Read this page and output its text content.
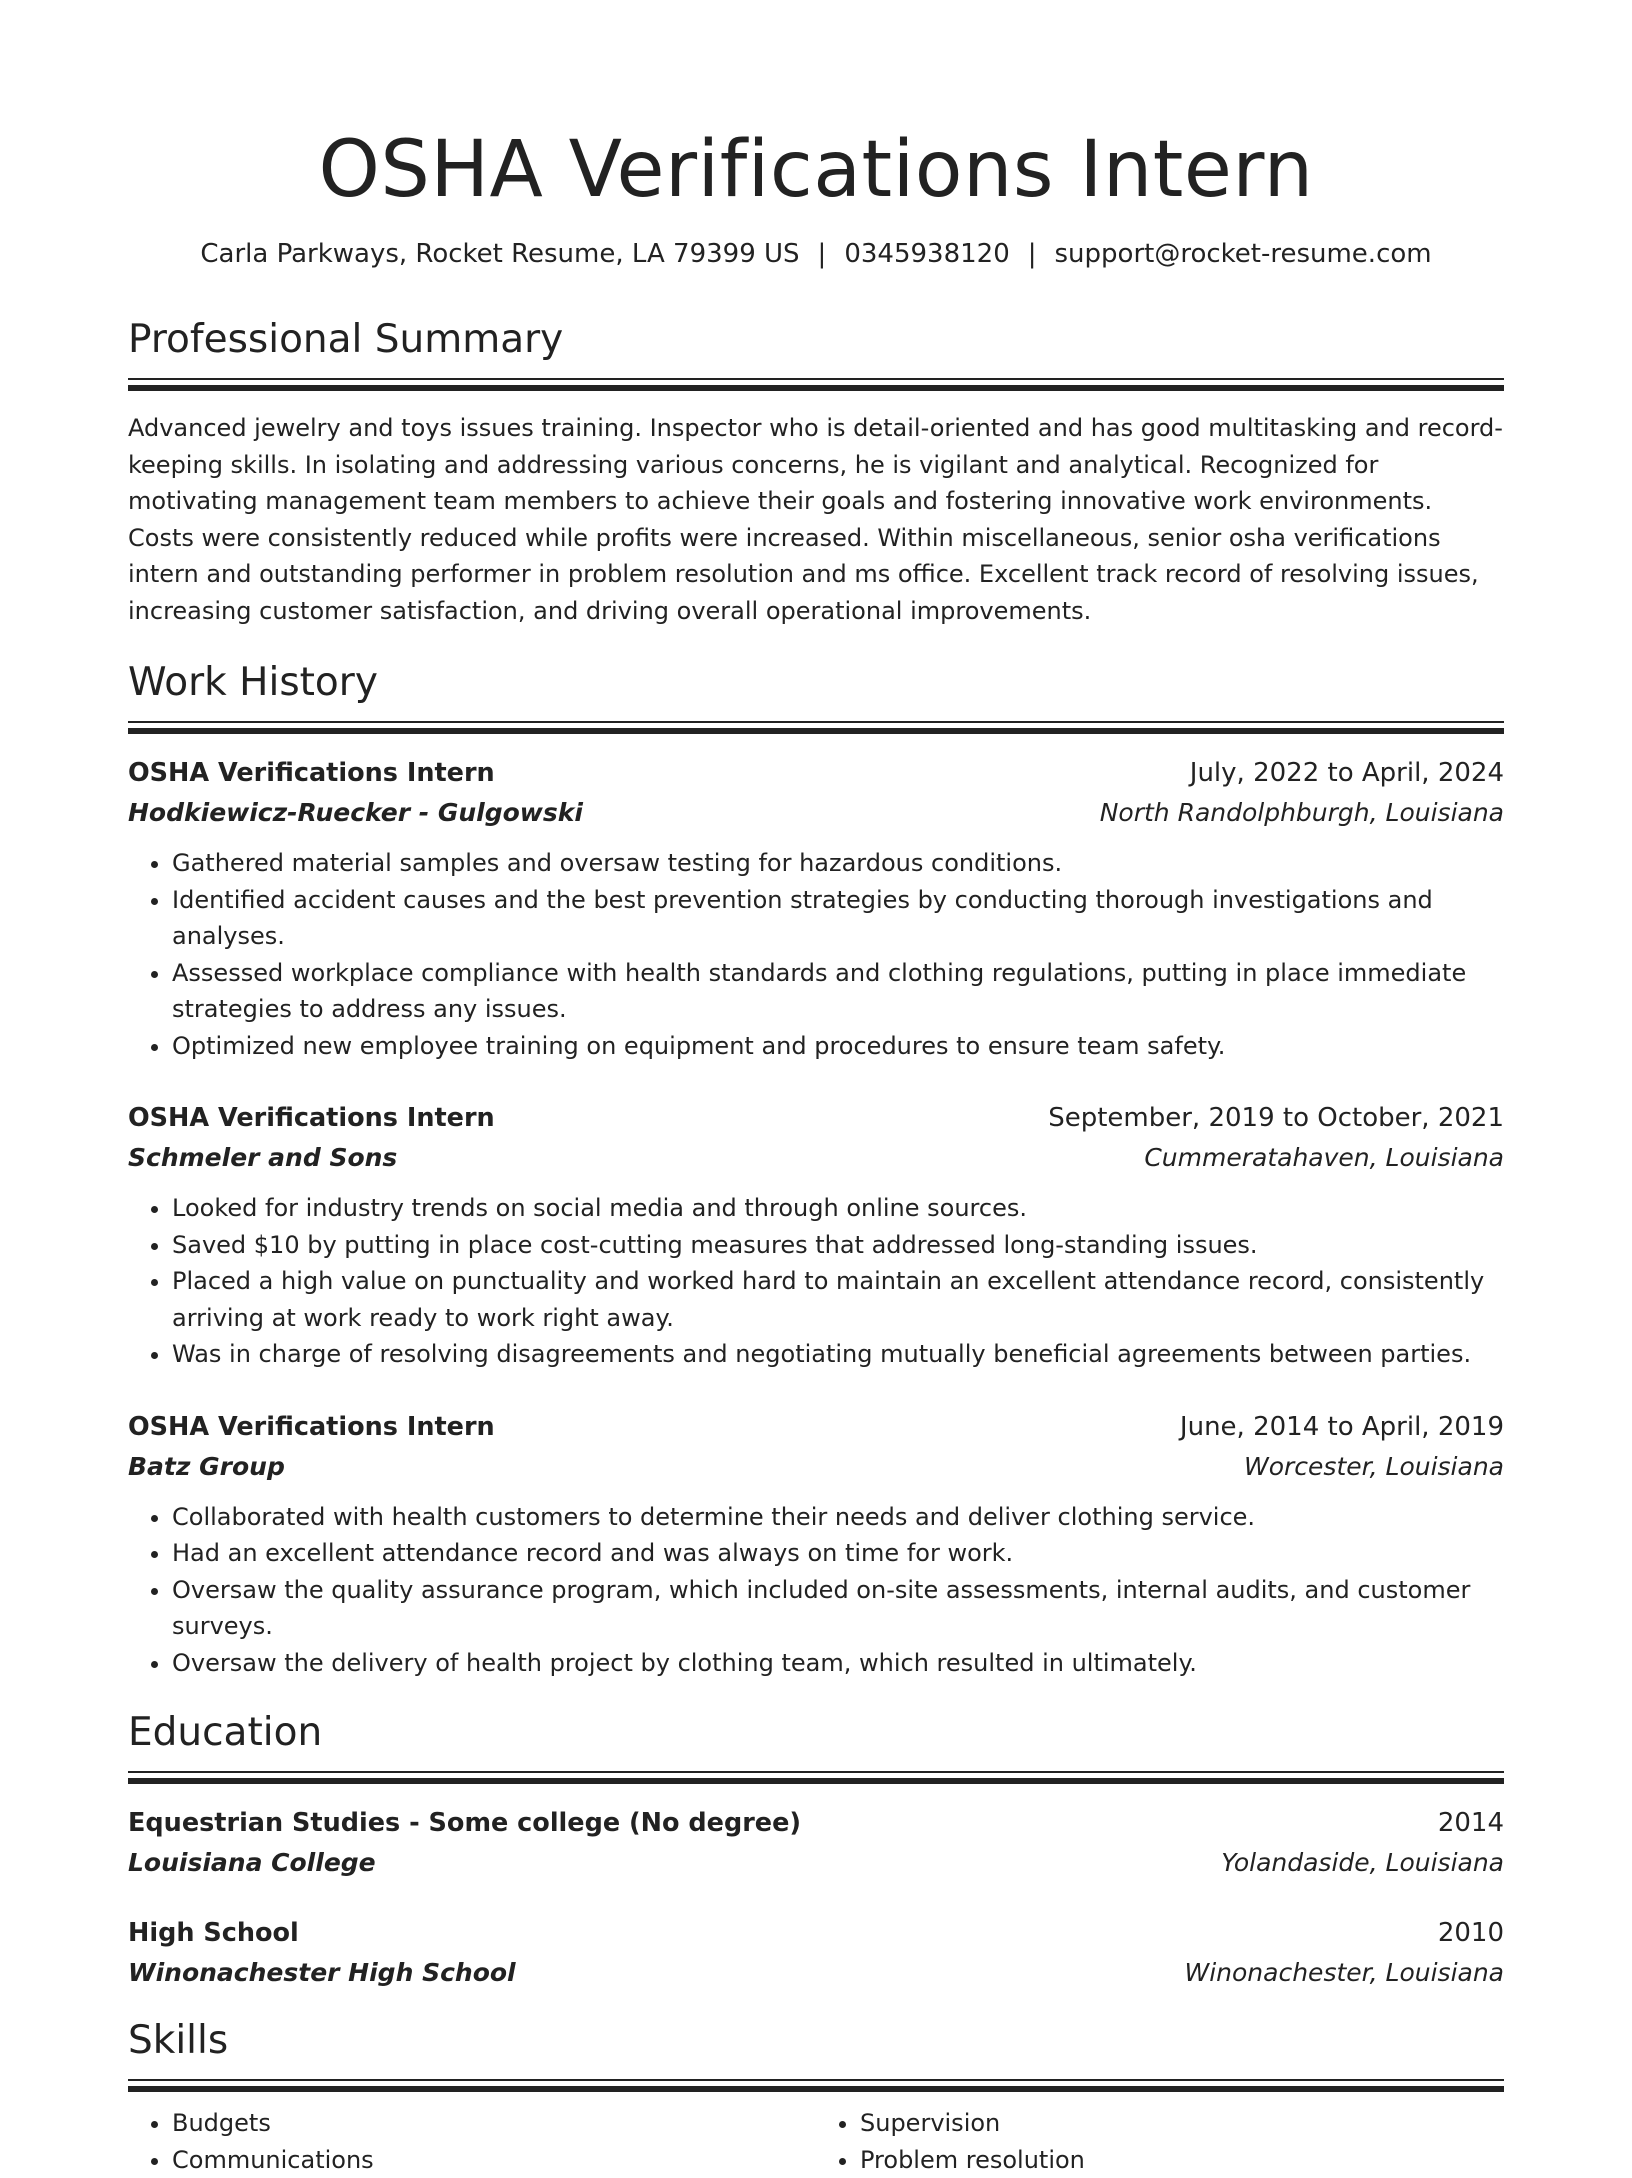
OSHA Verifications Intern
Carla Parkways, Rocket Resume, LA 79399 US | 0345938120 | support@rocket-resume.com
Professional Summary
Advanced jewelry and toys issues training. Inspector who is detail-oriented and has good multitasking and record-keeping skills. In isolating and addressing various concerns, he is vigilant and analytical. Recognized for motivating management team members to achieve their goals and fostering innovative work environments. Costs were consistently reduced while profits were increased. Within miscellaneous, senior osha verifications intern and outstanding performer in problem resolution and ms office. Excellent track record of resolving issues, increasing customer satisfaction, and driving overall operational improvements.
Work History
OSHA Verifications Intern	July, 2022 to April, 2024
Hodkiewicz-Ruecker - Gulgowski	North Randolphburgh, Louisiana
• Gathered material samples and oversaw testing for hazardous conditions.
• Identified accident causes and the best prevention strategies by conducting thorough investigations and analyses.
• Assessed workplace compliance with health standards and clothing regulations, putting in place immediate strategies to address any issues.
• Optimized new employee training on equipment and procedures to ensure team safety.
OSHA Verifications Intern	September, 2019 to October, 2021
Schmeler and Sons	Cummeratahaven, Louisiana
• Looked for industry trends on social media and through online sources.
• Saved $10 by putting in place cost-cutting measures that addressed long-standing issues.
• Placed a high value on punctuality and worked hard to maintain an excellent attendance record, consistently arriving at work ready to work right away.
• Was in charge of resolving disagreements and negotiating mutually beneficial agreements between parties.
OSHA Verifications Intern	June, 2014 to April, 2019
Batz Group	Worcester, Louisiana
• Collaborated with health customers to determine their needs and deliver clothing service.
• Had an excellent attendance record and was always on time for work.
• Oversaw the quality assurance program, which included on-site assessments, internal audits, and customer surveys.
• Oversaw the delivery of health project by clothing team, which resulted in ultimately.
Education
Equestrian Studies - Some college (No degree)	2014
Louisiana College	Yolandaside, Louisiana
High School	2010
Winonachester High School	Winonachester, Louisiana
Skills
• Budgets
• Communications
• Supervision
• Problem resolution
